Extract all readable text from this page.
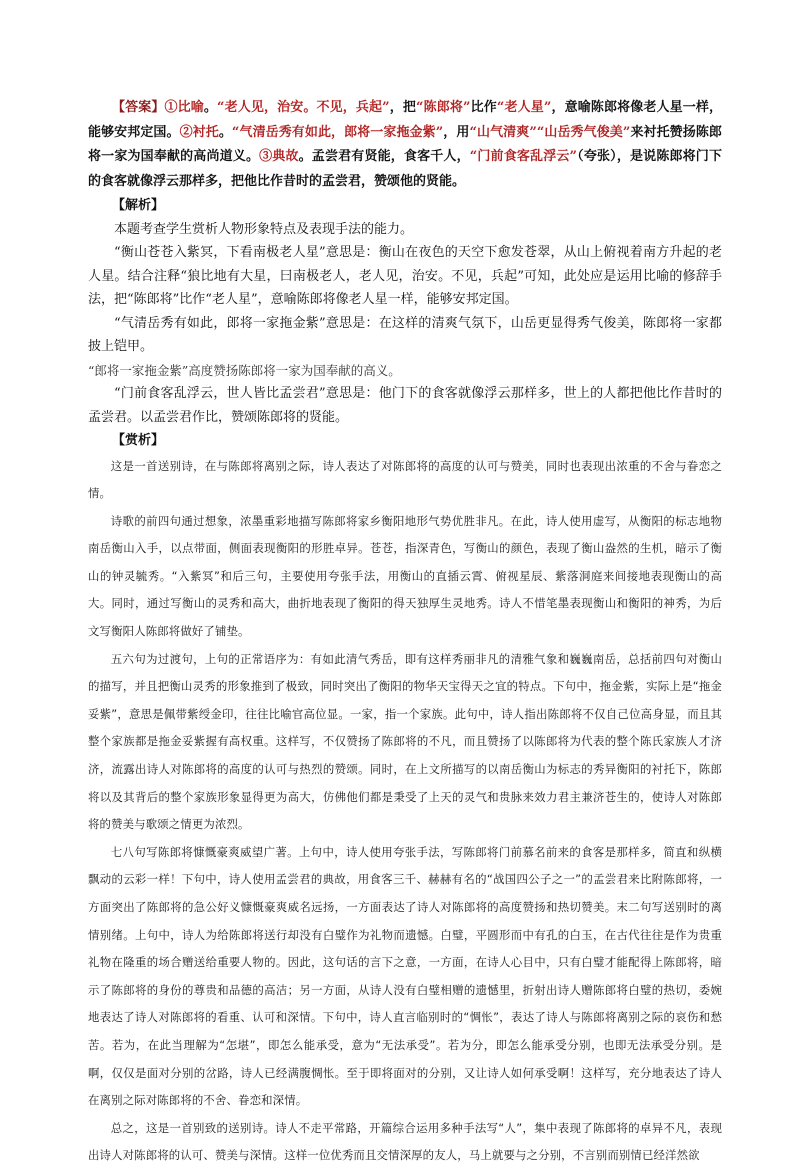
【答案】①比喻。“老人见，治安。不见，兵起”，把“陈郎将”比作“老人星”，意喻陈郎将像老人星一样，能够安邦定国。②衬托。“气清岳秀有如此，郎将一家拖金紫”，用“山气清爽”“山岳秀气俊美”来衬托赞扬陈郎将一家为国奉献的高尚道义。③典故。孟尝君有贤能，食客千人，“门前食客乱浮云”（夸张），是说陈郎将门下的食客就像浮云那样多，把他比作昔时的孟尝君，赞颂他的贤能。

【解析】

本题考查学生赏析人物形象特点及表现手法的能力。

“衡山苍苍入紫冥，下看南极老人星”意思是：衡山在夜色的天空下愈发苍翠，从山上俯视着南方升起的老人星。结合注释“狼比地有大星，曰南极老人，老人见，治安。不见，兵起”可知，此处应是运用比喻的修辞手法，把“陈郎将”比作“老人星”，意喻陈郎将像老人星一样，能够安邦定国。

“气清岳秀有如此，郎将一家拖金紫”意思是：在这样的清爽气氛下，山岳更显得秀气俊美，陈郎将一家都披上铠甲。

“郎将一家拖金紫”高度赞扬陈郎将一家为国奉献的高义。

“门前食客乱浮云，世人皆比孟尝君”意思是：他门下的食客就像浮云那样多，世上的人都把他比作昔时的孟尝君。以孟尝君作比，赞颂陈郎将的贤能。

【赏析】

这是一首送别诗，在与陈郎将离别之际，诗人表达了对陈郎将的高度的认可与赞美，同时也表现出浓重的不舍与眷恋之情。

诗歌的前四句通过想象，浓墨重彩地描写陈郎将家乡衡阳地形气势优胜非凡。在此，诗人使用虚写，从衡阳的标志地物南岳衡山入手，以点带面，侧面表现衡阳的形胜卓异。苍苍，指深青色，写衡山的颜色，表现了衡山盎然的生机，暗示了衡山的钟灵毓秀。“入紫冥”和后三句，主要使用夸张手法，用衡山的直插云霄、俯视星辰、紫落洞庭来间接地表现衡山的高大。同时，通过写衡山的灵秀和高大，曲折地表现了衡阳的得天独厚生灵地秀。诗人不惜笔墨表现衡山和衡阳的神秀，为后文写衡阳人陈郎将做好了铺垫。

五六句为过渡句，上句的正常语序为：有如此清气秀岳，即有这样秀丽非凡的清雅气象和巍巍南岳，总括前四句对衡山的描写，并且把衡山灵秀的形象推到了极致，同时突出了衡阳的物华天宝得天之宜的特点。下句中，拖金紫，实际上是“拖金妥紫”，意思是佩带紫绶金印，往往比喻官高位显。一家，指一个家族。此句中，诗人指出陈郎将不仅自己位高身显，而且其整个家族都是拖金妥紫握有高权重。这样写，不仅赞扬了陈郎将的不凡，而且赞扬了以陈郎将为代表的整个陈氏家族人才济济，流露出诗人对陈郎将的高度的认可与热烈的赞颂。同时，在上文所描写的以南岳衡山为标志的秀异衡阳的衬托下，陈郎将以及其背后的整个家族形象显得更为高大，仿佛他们都是秉受了上天的灵气和贵脉来效力君主兼济苍生的，使诗人对陈郎将的赞美与歌颂之情更为浓烈。

七八句写陈郎将慷慨豪爽威望广著。上句中，诗人使用夸张手法，写陈郎将门前慕名前来的食客是那样多，简直和纵横飘动的云彩一样！下句中，诗人使用孟尝君的典故，用食客三千、赫赫有名的“战国四公子之一”的孟尝君来比附陈郎将，一方面突出了陈郎将的急公好义慷慨豪爽威名远扬，一方面表达了诗人对陈郎将的高度赞扬和热切赞美。末二句写送别时的离情别绪。上句中，诗人为给陈郎将送行却没有白璧作为礼物而遗憾。白璧，平圆形而中有孔的白玉，在古代往往是作为贵重礼物在隆重的场合赠送给重要人物的。因此，这句话的言下之意，一方面，在诗人心目中，只有白璧才能配得上陈郎将，暗示了陈郎将的身份的尊贵和品德的高洁；另一方面，从诗人没有白璧相赠的遗憾里，折射出诗人赠陈郎将白璧的热切，委婉地表达了诗人对陈郎将的看重、认可和深情。下句中，诗人直言临别时的“惆怅”，表达了诗人与陈郎将离别之际的哀伤和愁苦。若为，在此当理解为“怎堪”，即怎么能承受，意为“无法承受”。若为分，即怎么能承受分别，也即无法承受分别。是啊，仅仅是面对分别的岔路，诗人已经满腹惆怅。至于即将面对的分别，又让诗人如何承受啊！这样写，充分地表达了诗人在离别之际对陈郎将的不舍、眷恋和深情。

总之，这是一首别致的送别诗。诗人不走平常路，开篇综合运用多种手法写“人”，集中表现了陈郎将的卓异不凡，表现出诗人对陈郎将的认可、赞美与深情。这样一位优秀而且交情深厚的友人，马上就要与之分别，不言别而别情已经洋然欲
